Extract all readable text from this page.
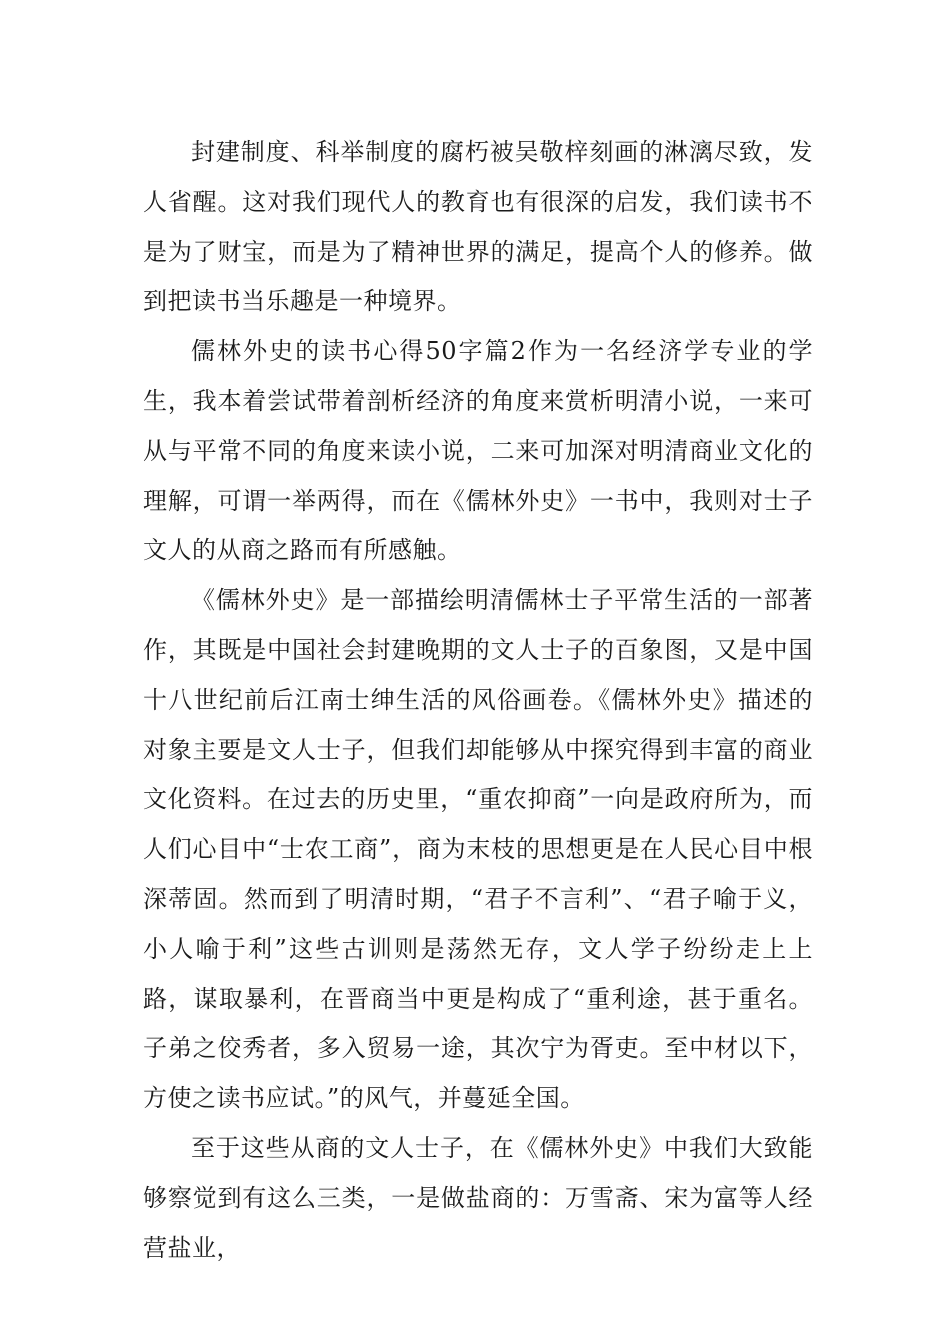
封建制度、科举制度的腐朽被吴敬梓刻画的淋漓尽致，发人省醒。这对我们现代人的教育也有很深的启发，我们读书不是为了财宝，而是为了精神世界的满足，提高个人的修养。做到把读书当乐趣是一种境界。

儒林外史的读书心得50字篇2作为一名经济学专业的学生，我本着尝试带着剖析经济的角度来赏析明清小说，一来可从与平常不同的角度来读小说，二来可加深对明清商业文化的理解，可谓一举两得，而在《儒林外史》一书中，我则对士子文人的从商之路而有所感触。

《儒林外史》是一部描绘明清儒林士子平常生活的一部著作，其既是中国社会封建晚期的文人士子的百象图，又是中国十八世纪前后江南士绅生活的风俗画卷。《儒林外史》描述的对象主要是文人士子，但我们却能够从中探究得到丰富的商业文化资料。在过去的历史里，“重农抑商”一向是政府所为，而人们心目中“士农工商”，商为末枝的思想更是在人民心目中根深蒂固。然而到了明清时期，“君子不言利”、“君子喻于义，小人喻于利”这些古训则是荡然无存，文人学子纷纷走上上路，谋取暴利，在晋商当中更是构成了“重利途，甚于重名。子弟之佼秀者，多入贸易一途，其次宁为胥吏。至中材以下，方使之读书应试。”的风气，并蔓延全国。

至于这些从商的文人士子，在《儒林外史》中我们大致能够察觉到有这么三类，一是做盐商的：万雪斋、宋为富等人经营盐业，
